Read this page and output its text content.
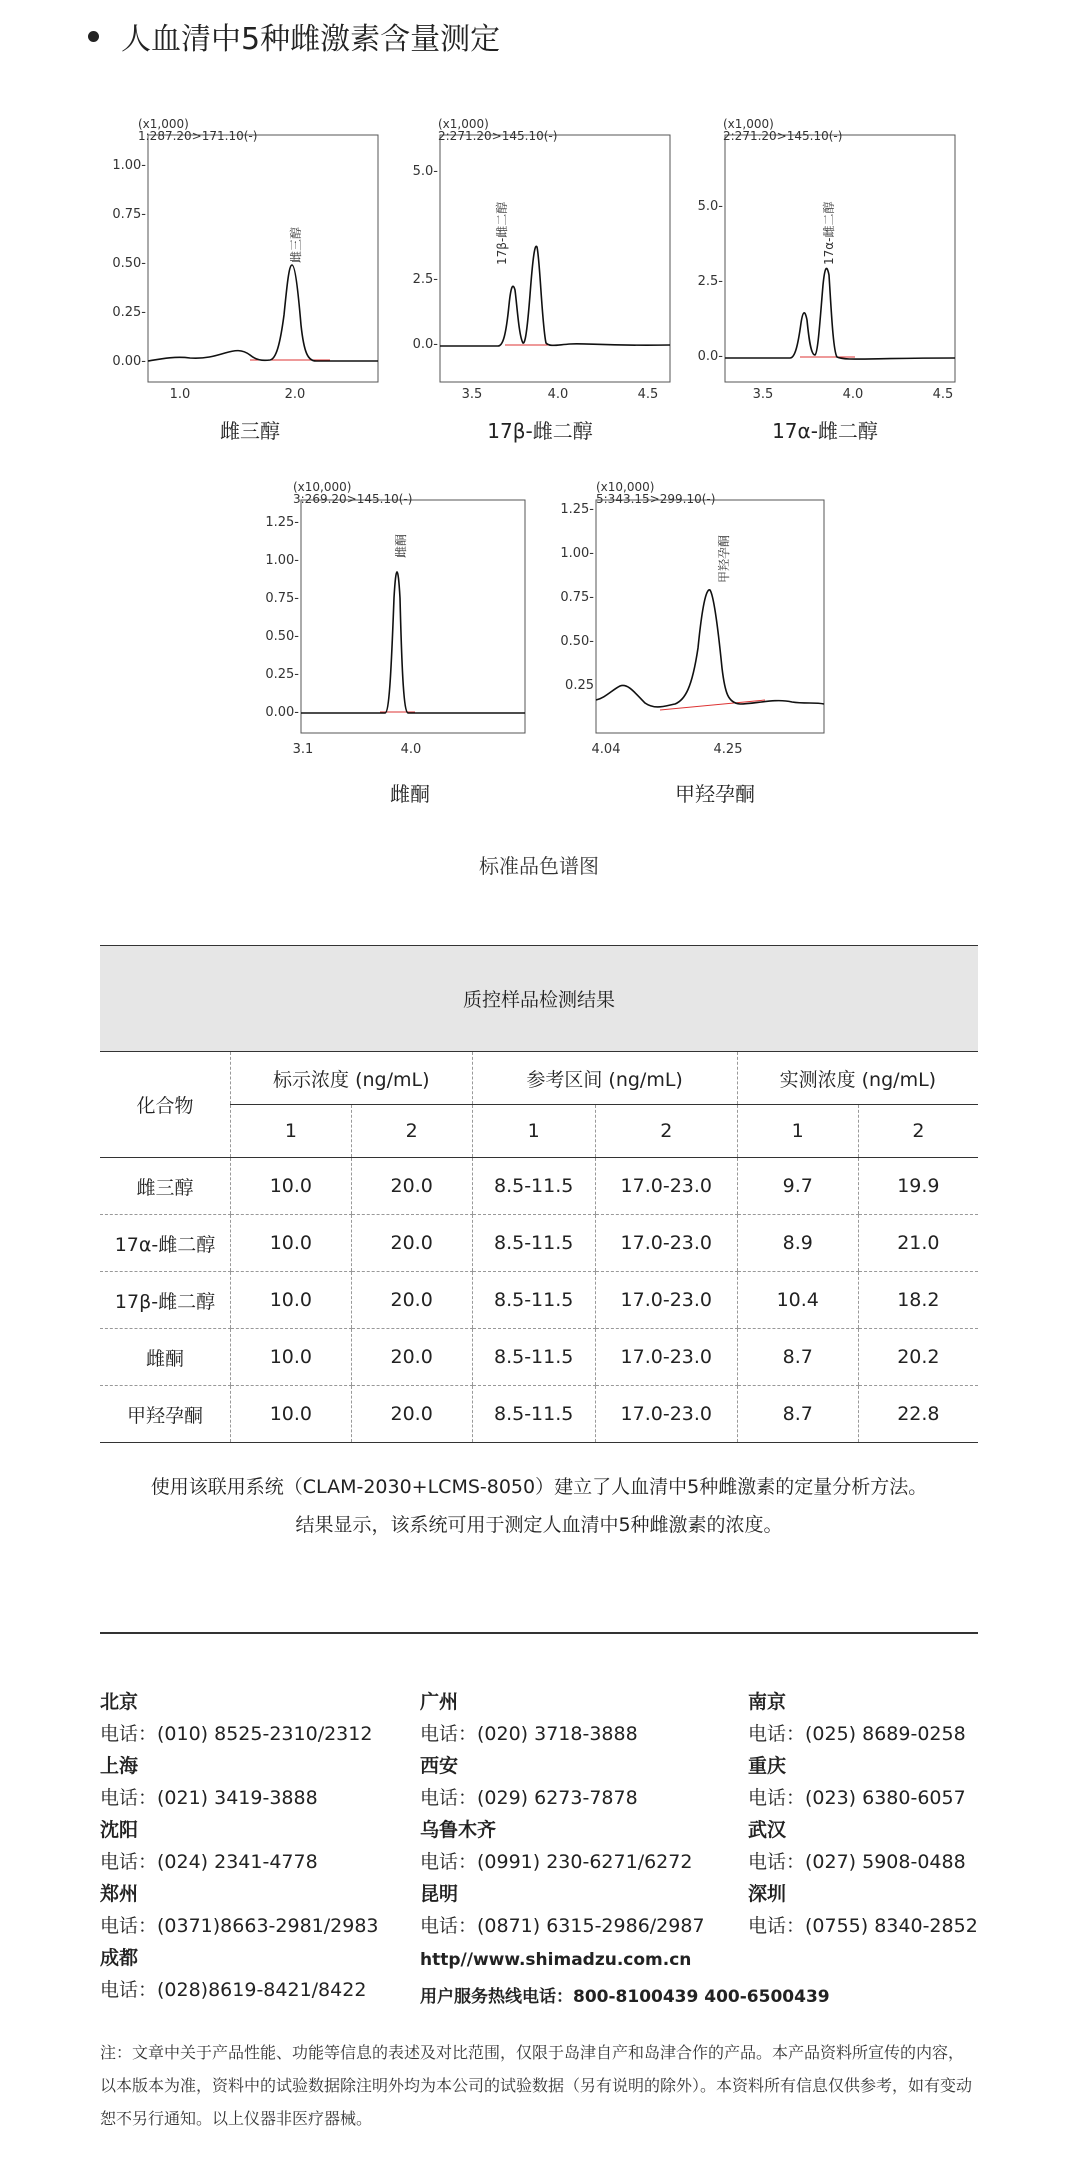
人血清中5种雌激素含量测定
(x1,000)
1:287.20>171.10(-)
1.00-
0.75-
0.50-
0.25-
0.00-
1.0	2.0
雌三醇
雌三醇
(x1,000)
2:271.20>145.10(-)
5.0-
2.5-
0.0-
3.5	4.0	4.5
17β-雌二醇
17β-雌二醇
(x1,000)
2:271.20>145.10(-)
5.0-
2.5-
0.0-
3.5	4.0	4.5
17α-雌二醇
17α-雌二醇
(x10,000)
3:269.20>145.10(-)
1.25-
1.00-
0.75-
0.50-
0.25-
0.00-
3.1	4.0
雌酮
雌酮
(x10,000)
5:343.15>299.10(-)
1.25-
1.00-
0.75-
0.50-
0.25
4.04	4.25
甲羟孕酮
甲羟孕酮
标准品色谱图
质控样品检测结果						
化合物	标示浓度 (ng/mL)		参考区间 (ng/mL)		实测浓度 (ng/mL)	
	1	2	1	2	1	2
雌三醇	10.0	20.0	8.5-11.5	17.0-23.0	9.7	19.9
17α-雌二醇	10.0	20.0	8.5-11.5	17.0-23.0	8.9	21.0
17β-雌二醇	10.0	20.0	8.5-11.5	17.0-23.0	10.4	18.2
雌酮	10.0	20.0	8.5-11.5	17.0-23.0	8.7	20.2
甲羟孕酮	10.0	20.0	8.5-11.5	17.0-23.0	8.7	22.8
使用该联用系统（CLAM-2030+LCMS-8050）建立了人血清中5种雌激素的定量分析方法。
结果显示，该系统可用于测定人血清中5种雌激素的浓度。
北京
电话：(010) 8525-2310/2312
上海
电话：(021) 3419-3888
沈阳
电话：(024) 2341-4778
郑州
电话：(0371)8663-2981/2983
成都
电话：(028)8619-8421/8422
广州
电话：(020) 3718-3888
西安
电话：(029) 6273-7878
乌鲁木齐
电话：(0991) 230-6271/6272
昆明
电话：(0871) 6315-2986/2987
http//www.shimadzu.com.cn
用户服务热线电话：800-8100439 400-6500439
南京
电话：(025) 8689-0258
重庆
电话：(023) 6380-6057
武汉
电话：(027) 5908-0488
深圳
电话：(0755) 8340-2852
注：文章中关于产品性能、功能等信息的表述及对比范围，仅限于岛津自产和岛津合作的产品。本产品资料所宣传的内容，以本版本为准，资料中的试验数据除注明外均为本公司的试验数据（另有说明的除外）。本资料所有信息仅供参考，如有变动恕不另行通知。以上仪器非医疗器械。
